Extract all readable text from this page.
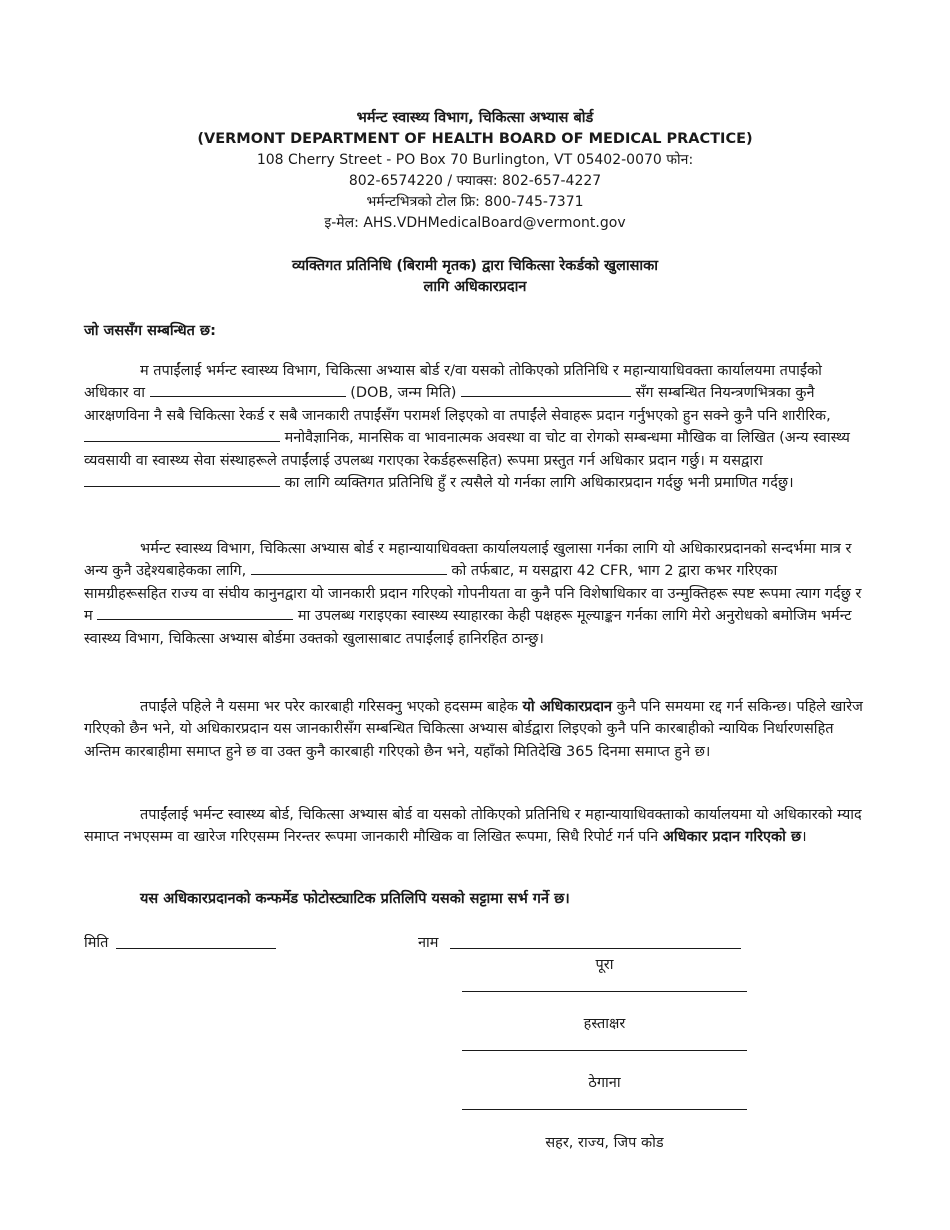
भर्मन्ट स्वास्थ्य विभाग, चिकित्सा अभ्यास बोर्ड
(VERMONT DEPARTMENT OF HEALTH BOARD OF MEDICAL PRACTICE)
108 Cherry Street - PO Box 70 Burlington, VT 05402-0070 फोन:
802-6574220 / फ्याक्स: 802-657-4227
भर्मन्टभित्रको टोल फ्रि: 800-745-7371
इ-मेल: AHS.VDHMedicalBoard@vermont.gov
व्यक्तिगत प्रतिनिधि (बिरामी मृतक) द्वारा चिकित्सा रेकर्डको खुलासाका
लागि अधिकारप्रदान
जो जससँग सम्बन्धित छ:
म तपाईंलाई भर्मन्ट स्वास्थ्य विभाग, चिकित्सा अभ्यास बोर्ड र/वा यसको तोकिएको प्रतिनिधि र महान्यायाधिवक्ता कार्यालयमा तपाईंको अधिकार वा	(DOB, जन्म मिति)	सँग सम्बन्धित नियन्त्रणभित्रका कुनै आरक्षणविना नै सबै चिकित्सा रेकर्ड र सबै जानकारी तपाईंसँग परामर्श लिइएको वा तपाईंले सेवाहरू प्रदान गर्नुभएको हुन सक्ने कुनै पनि शारीरिक,  मनोवैज्ञानिक, मानसिक वा भावनात्मक अवस्था वा चोट वा रोगको सम्बन्धमा मौखिक वा लिखित (अन्य स्वास्थ्य व्यवसायी वा स्वास्थ्य सेवा संस्थाहरूले तपाईंलाई उपलब्ध गराएका रेकर्डहरूसहित) रूपमा प्रस्तुत गर्न अधिकार प्रदान गर्छु। म यसद्वारा  का लागि व्यक्तिगत प्रतिनिधि हुँ र त्यसैले यो गर्नका लागि अधिकारप्रदान गर्दछु भनी प्रमाणित गर्दछु।
भर्मन्ट स्वास्थ्य विभाग, चिकित्सा अभ्यास बोर्ड र महान्यायाधिवक्ता कार्यालयलाई खुलासा गर्नका लागि यो अधिकारप्रदानको सन्दर्भमा मात्र र अन्य कुनै उद्देश्यबाहेकका लागि,	को तर्फबाट, म यसद्वारा 42 CFR, भाग 2 द्वारा कभर गरिएका सामग्रीहरूसहित राज्य वा संघीय कानुनद्वारा यो जानकारी प्रदान गरिएको गोपनीयता वा कुनै पनि विशेषाधिकार वा उन्मुक्तिहरू स्पष्ट रूपमा त्याग गर्दछु र म	मा उपलब्ध गराइएका स्वास्थ्य स्याहारका केही पक्षहरू मूल्याङ्कन गर्नका लागि मेरो अनुरोधको बमोजिम भर्मन्ट स्वास्थ्य विभाग, चिकित्सा अभ्यास बोर्डमा उक्तको खुलासाबाट तपाईंलाई हानिरहित ठान्छु।
तपाईंले पहिले नै यसमा भर परेर कारबाही गरिसक्नु भएको हदसम्म बाहेक यो अधिकारप्रदान कुनै पनि समयमा रद्द गर्न सकिन्छ। पहिले खारेज गरिएको छैन भने, यो अधिकारप्रदान यस जानकारीसँग सम्बन्धित चिकित्सा अभ्यास बोर्डद्वारा लिइएको कुनै पनि कारबाहीको न्यायिक निर्धारणसहित अन्तिम कारबाहीमा समाप्त हुने छ वा उक्त कुनै कारबाही गरिएको छैन भने, यहाँको मितिदेखि 365 दिनमा समाप्त हुने छ।
तपाईंलाई भर्मन्ट स्वास्थ्य बोर्ड, चिकित्सा अभ्यास बोर्ड वा यसको तोकिएको प्रतिनिधि र महान्यायाधिवक्ताको कार्यालयमा यो अधिकारको म्याद समाप्त नभएसम्म वा खारेज गरिएसम्म निरन्तर रूपमा जानकारी मौखिक वा लिखित रूपमा, सिधै रिपोर्ट गर्न पनि अधिकार प्रदान गरिएको छ।
यस अधिकारप्रदानको कन्फर्मेड फोटोस्ट्याटिक प्रतिलिपि यसको सट्टामा सर्भ गर्ने छ।
मिति	नाम
पूरा
हस्ताक्षर
ठेगाना
सहर, राज्य, जिप कोड
